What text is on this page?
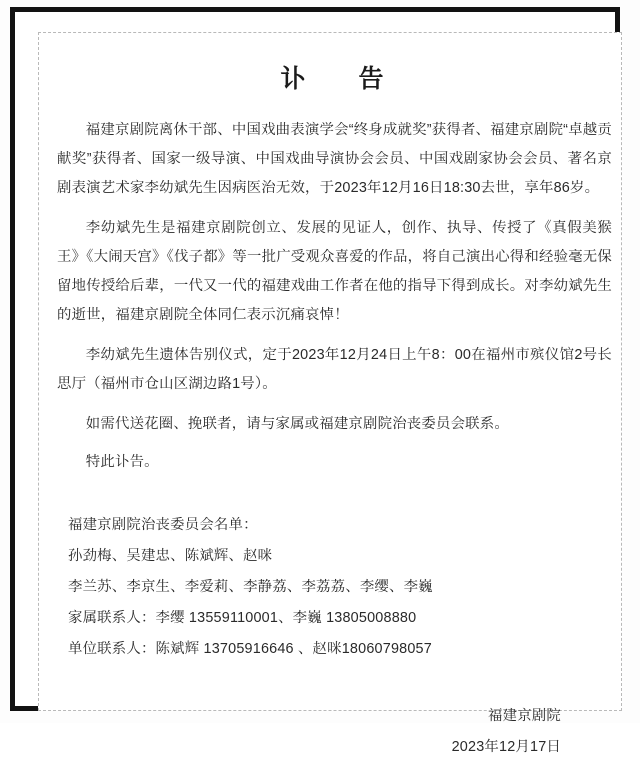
讣　告

福建京剧院离休干部、中国戏曲表演学会“终身成就奖”获得者、福建京剧院“卓越贡献奖”获得者、国家一级导演、中国戏曲导演协会会员、中国戏剧家协会会员、著名京剧表演艺术家李幼斌先生因病医治无效，于2023年12月16日18:30去世，享年86岁。

李幼斌先生是福建京剧院创立、发展的见证人，创作、执导、传授了《真假美猴王》《大闹天宫》《伐子都》等一批广受观众喜爱的作品，将自己演出心得和经验毫无保留地传授给后辈，一代又一代的福建戏曲工作者在他的指导下得到成长。对李幼斌先生的逝世，福建京剧院全体同仁表示沉痛哀悼！

李幼斌先生遗体告别仪式，定于2023年12月24日上午8：00在福州市殡仪馆2号长思厅（福州市仓山区湖边路1号）。

如需代送花圈、挽联者，请与家属或福建京剧院治丧委员会联系。

特此讣告。

福建京剧院治丧委员会名单：
孙劲梅、吴建忠、陈斌辉、赵咪
李兰苏、李京生、李爱莉、李静荔、李荔荔、李缨、李巍
家属联系人：李缨 13559110001、李巍 13805008880
单位联系人：陈斌辉 13705916646 、赵咪18060798057
福建京剧院
2023年12月17日
